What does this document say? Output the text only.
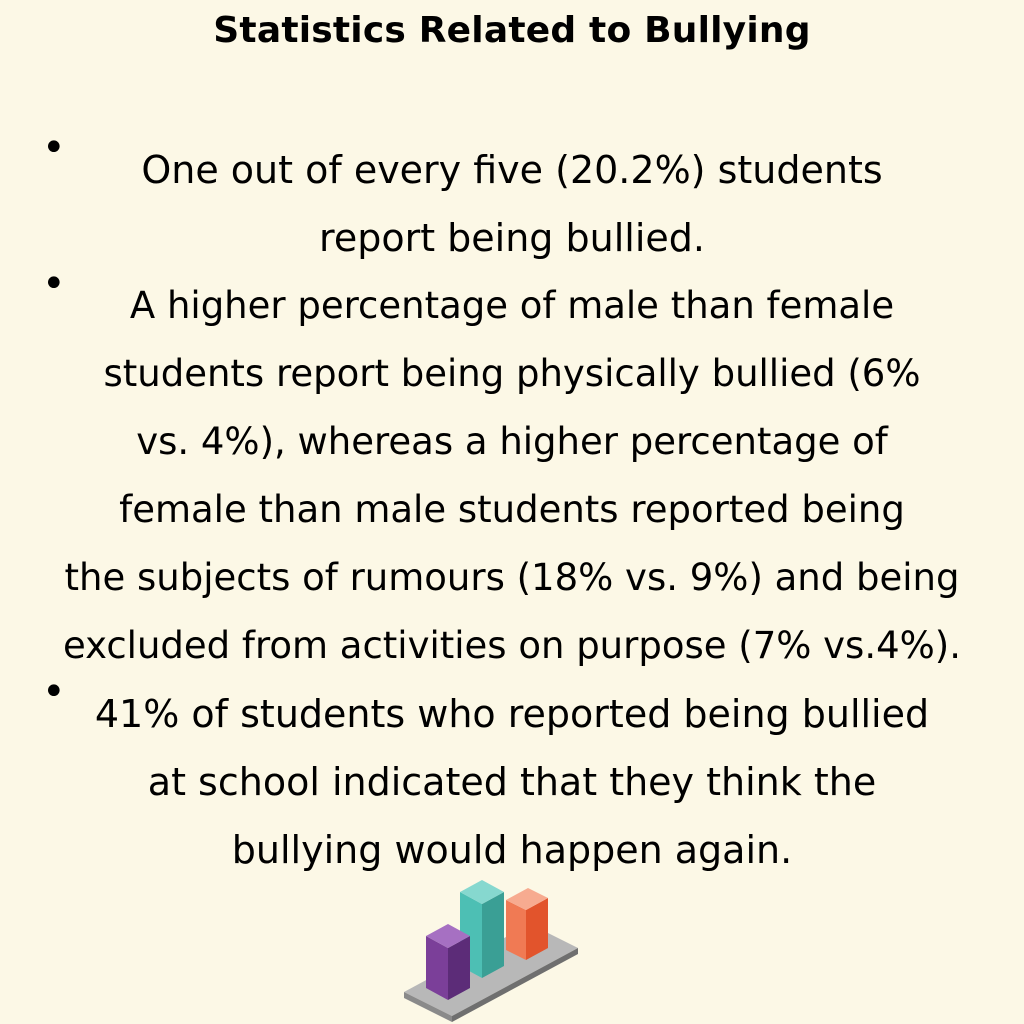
Statistics Related to Bullying
•	One out of every five (20.2%) students
report being bullied.
•	A higher percentage of male than female
students report being physically bullied (6%
vs. 4%), whereas a higher percentage of
female than male students reported being
the subjects of rumours (18% vs. 9%) and being
excluded from activities on purpose (7% vs.4%).
• 41% of students who reported being bullied
at school indicated that they think the
bullying would happen again.
